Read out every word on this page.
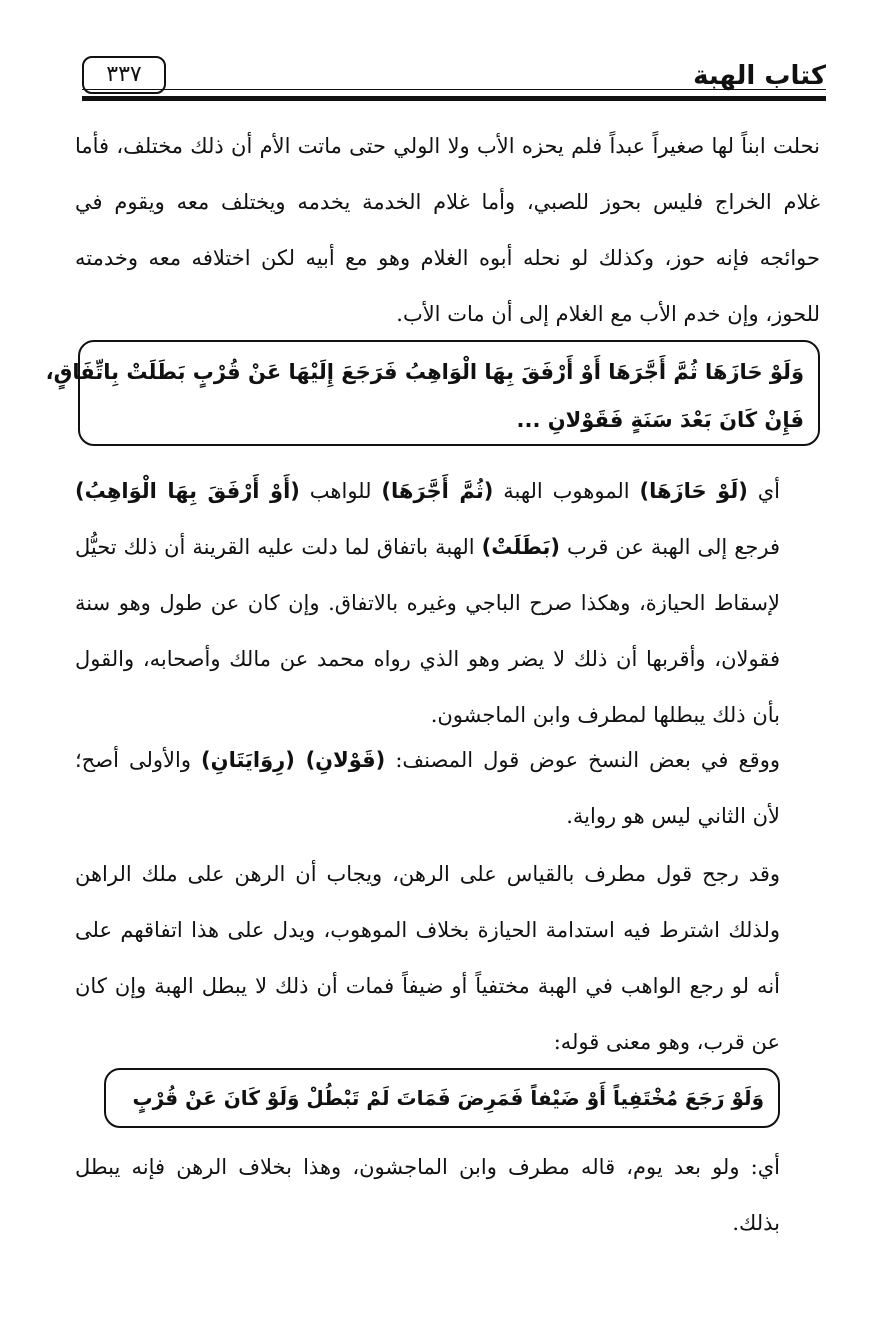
كتاب الهبة
٣٣٧
نحلت ابناً لها صغيراً عبداً فلم يحزه الأب ولا الولي حتى ماتت الأم أن ذلك مختلف، فأما غلام الخراج فليس بحوز للصبي، وأما غلام الخدمة يخدمه ويختلف معه ويقوم في حوائجه فإنه حوز، وكذلك لو نحله أبوه الغلام وهو مع أبيه لكن اختلافه معه وخدمته للحوز، وإن خدم الأب مع الغلام إلى أن مات الأب.
وَلَوْ حَازَهَا ثُمَّ أَجَّرَهَا أَوْ أَرْفَقَ بِهَا الْوَاهِبُ فَرَجَعَ إِلَيْهَا عَنْ قُرْبٍ بَطَلَتْ بِاتِّفَاقٍ،
فَإِنْ كَانَ بَعْدَ سَنَةٍ فَقَوْلانِ ...
أي (لَوْ حَازَهَا) الموهوب الهبة (ثُمَّ أَجَّرَهَا) للواهب (أَوْ أَرْفَقَ بِهَا الْوَاهِبُ) فرجع إلى الهبة عن قرب (بَطَلَتْ) الهبة باتفاق لما دلت عليه القرينة أن ذلك تحيُّل لإسقاط الحيازة، وهكذا صرح الباجي وغيره بالاتفاق. وإن كان عن طول وهو سنة فقولان، وأقربها أن ذلك لا يضر وهو الذي رواه محمد عن مالك وأصحابه، والقول بأن ذلك يبطلها لمطرف وابن الماجشون.
ووقع في بعض النسخ عوض قول المصنف: (قَوْلانِ) (رِوَايَتَانِ) والأولى أصح؛ لأن الثاني ليس هو رواية.
وقد رجح قول مطرف بالقياس على الرهن، ويجاب أن الرهن على ملك الراهن ولذلك اشترط فيه استدامة الحيازة بخلاف الموهوب، ويدل على هذا اتفاقهم على أنه لو رجع الواهب في الهبة مختفياً أو ضيفاً فمات أن ذلك لا يبطل الهبة وإن كان عن قرب، وهو معنى قوله:
وَلَوْ رَجَعَ مُخْتَفِياً أَوْ ضَيْفاً فَمَرِضَ فَمَاتَ لَمْ تَبْطُلْ وَلَوْ كَانَ عَنْ قُرْبٍ
أي: ولو بعد يوم، قاله مطرف وابن الماجشون، وهذا بخلاف الرهن فإنه يبطل بذلك.
